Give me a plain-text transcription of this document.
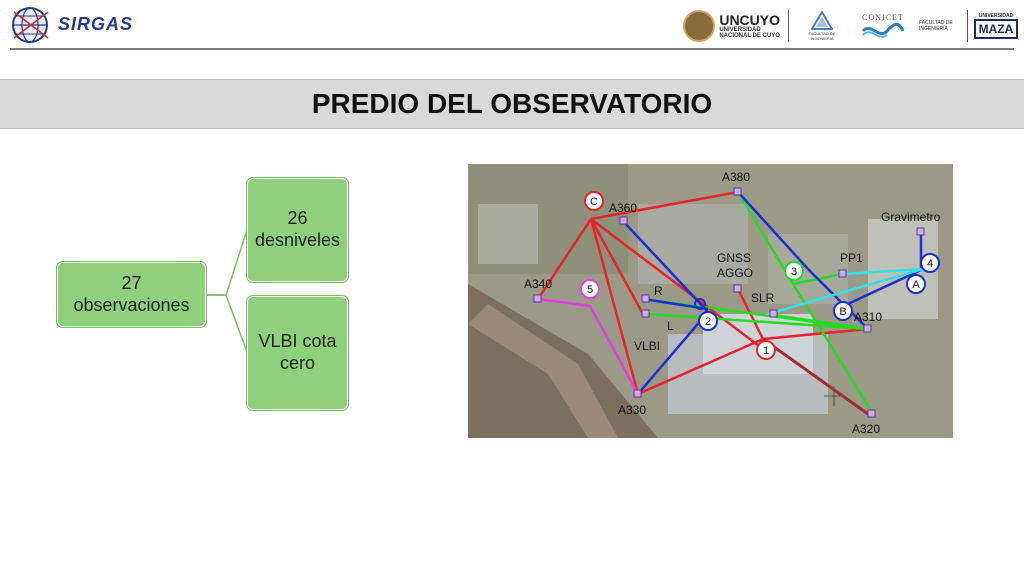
SIRGAS	UNCUYO
UNIVERSIDAD
NACIONAL DE CUYO	FACULTAD DE INGENIERÍA
CONICET
FACULTAD DE INGENIERÍA
UNIVERSIDAD
MAZA
PREDIO DEL OBSERVATORIO
27 observaciones
26 desniveles
VLBI cota cero
A380
A360
Gravimetro
GNSS
AGGO
PP1
A340	R	SLR
A310
L
VLBI
A330
A320
C
5
3
4
A
B
2
1
